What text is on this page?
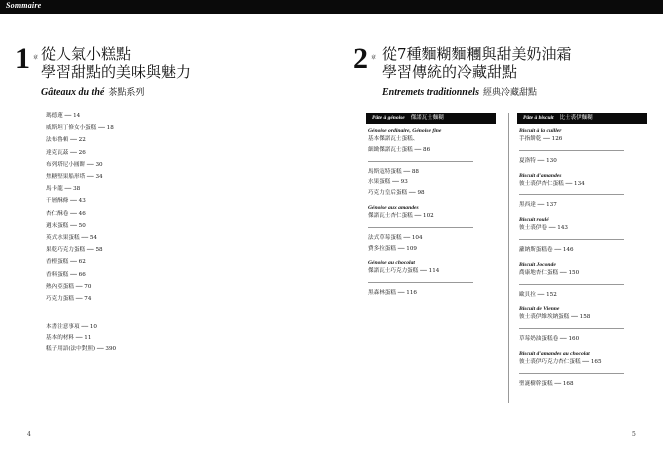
Sommaire
1 章 從人氣小糕點
學習甜點的美味與魅力
Gâteaux du thé 茶點系列
瑪德蓮 ── 14
威斯坦丁修女小蛋糕 ── 18
法布魯頓 ── 22
達克瓦茲 ── 26
布列塔尼小圓餅 ── 30
焦糖堅果船形塔 ── 34
馬卡龍 ── 38
千層酥條 ── 43
杏仁酥卷 ── 46
週末蛋糕 ── 50
英式水果蛋糕 ── 54
果乾巧克力蛋糕 ── 58
香橙蛋糕 ── 62
香料蛋糕 ── 66
熱內亞蛋糕 ── 70
巧克力蛋糕 ── 74
本書注意事項 ── 10
基本的材料 ── 11
糕子用語(法中對照) ── 390
4
2 章 從7種麵糊麵糰與甜美奶油霜
學習傳統的冷藏甜點
Entremets traditionnels 經典冷藏甜點
Pâte à génoise 傑諾瓦士麵糊
Génoise ordinaire, Génoise fine
基本傑諾瓦士蛋糕、
細緻傑諾瓦士蛋糕 ── 86
馬斯寇特蛋糕 ── 88
水果蛋糕 ── 93
巧克力皇后蛋糕 ── 98
Génoise aux amandes
傑諾瓦士杏仁蛋糕 ── 102
法式草莓蛋糕 ── 104
費多拉蛋糕 ── 109
Génoise au chocolat
傑諾瓦士巧克力蛋糕 ── 114
黑森林蛋糕 ── 116
Pâte à biscuit 比士裘伊麵糊
Biscuit à la cuiller
手指餅乾 ── 126
夏洛特 ── 130
Biscuit d'amandes
彼士裘伊杏仁蛋糕 ── 134
黑西達 ── 137
Biscuit roulé
彼士裘伊卷 ── 143
蘿納斯蛋糕卷 ── 146
Biscuit Joconde
喬康地杏仁蛋糕 ── 150
歐貝拉 ── 152
Biscuit de Viennе
彼士裘伊維埃納蛋糕 ── 158
草莓奶油蛋糕卷 ── 160
Biscuit d'amandes au chocolat
彼士裘伊巧克力杏仁蛋糕 ── 165
聖誕樹幹蛋糕 ── 168
5
